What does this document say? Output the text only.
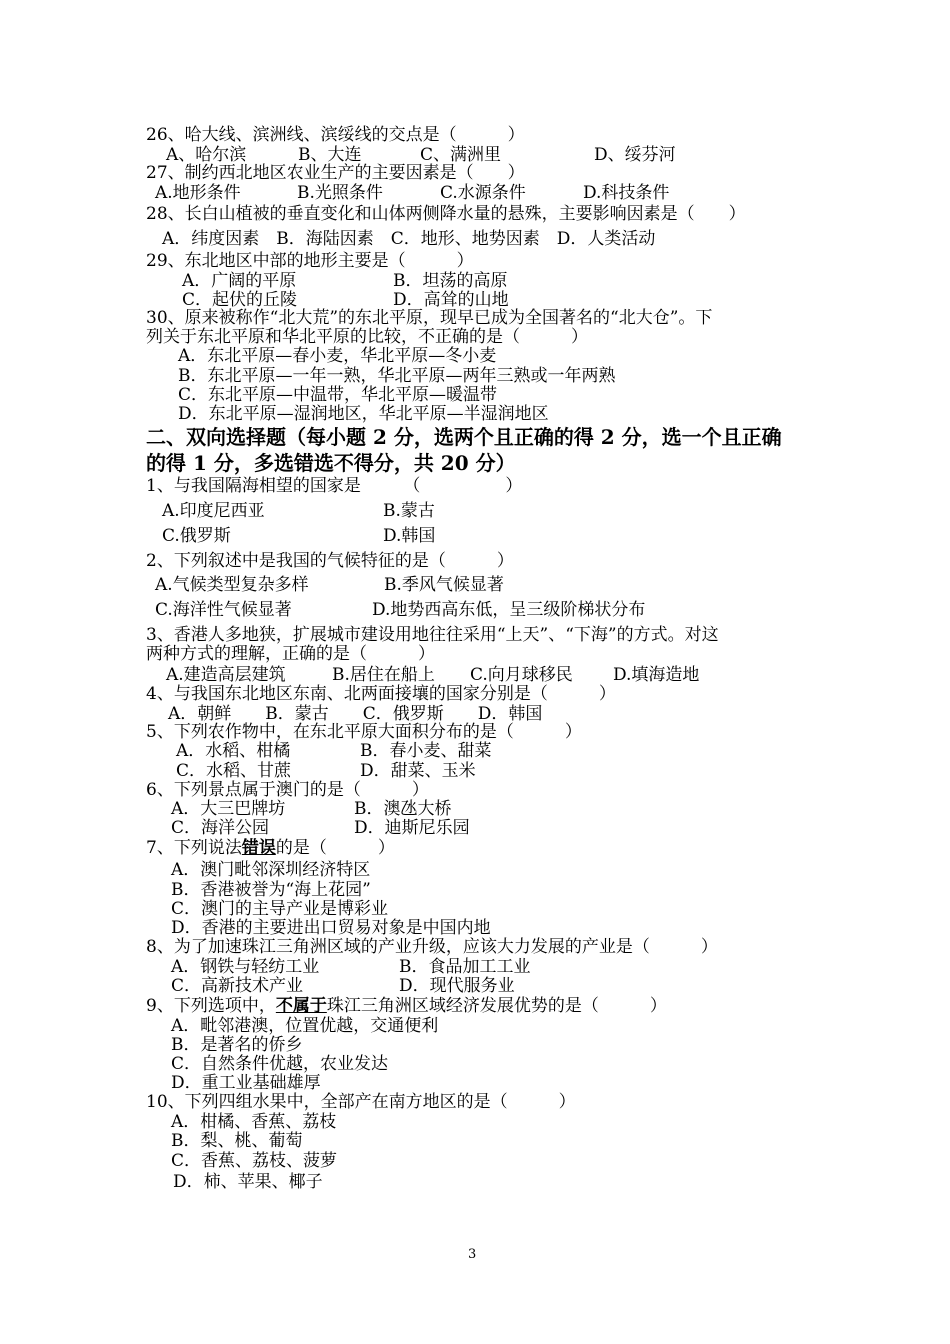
26、哈大线、滨洲线、滨绥线的交点是（　　　）
A、哈尔滨	B、大连	C、满洲里	D、绥芬河
27、制约西北地区农业生产的主要因素是（　　）
A.地形条件	B.光照条件	C.水源条件	D.科技条件
28、长白山植被的垂直变化和山体两侧降水量的悬殊，主要影响因素是（　　）
A．纬度因素　B．海陆因素　C．地形、地势因素　D．人类活动
29、东北地区中部的地形主要是（　　　）
A．广阔的平原	B．坦荡的高原
C．起伏的丘陵	D．高耸的山地
30、原来被称作“北大荒”的东北平原，现早已成为全国著名的“北大仓”。下
列关于东北平原和华北平原的比较，不正确的是（　　　）
A．东北平原—春小麦，华北平原—冬小麦
B．东北平原—一年一熟，华北平原—两年三熟或一年两熟
C．东北平原—中温带，华北平原—暖温带
D．东北平原—湿润地区，华北平原—半湿润地区
二、双向选择题（每小题 2 分，选两个且正确的得 2 分，选一个且正确
的得 1 分，多选错选不得分，共 20 分）
1、与我国隔海相望的国家是　　　（　　　　　）
A.印度尼西亚	B.蒙古
C.俄罗斯	D.韩国
2、下列叙述中是我国的气候特征的是（　　　）
A.气候类型复杂多样	B.季风气候显著
C.海洋性气候显著	D.地势西高东低，呈三级阶梯状分布
3、香港人多地狭，扩展城市建设用地往往采用“上天”、“下海”的方式。对这
两种方式的理解，正确的是（　　　）
A.建造高层建筑	B.居住在船上 C.向月球移民 D.填海造地
4、与我国东北地区东南、北两面接壤的国家分别是（　　　）
A．朝鲜　　B．蒙古　　C．俄罗斯　　D．韩国
5、下列农作物中，在东北平原大面积分布的是（　　　）
A．水稻、柑橘	B．春小麦、甜菜
C．水稻、甘蔗	D．甜菜、玉米
6、下列景点属于澳门的是（　　　）
A．大三巴牌坊	B．澳氹大桥
C．海洋公园	D．迪斯尼乐园
7、下列说法错误的是（　　　）
A．澳门毗邻深圳经济特区
B．香港被誉为“海上花园”
C．澳门的主导产业是博彩业
D．香港的主要进出口贸易对象是中国内地
8、为了加速珠江三角洲区域的产业升级，应该大力发展的产业是（　　　）
A．钢铁与轻纺工业	B．食品加工工业
C．高新技术产业	D．现代服务业
9、下列选项中，不属于珠江三角洲区域经济发展优势的是（　　　）
A．毗邻港澳，位置优越，交通便利
B．是著名的侨乡
C．自然条件优越，农业发达
D．重工业基础雄厚
10、下列四组水果中，全部产在南方地区的是（　　　）
A．柑橘、香蕉、荔枝
B．梨、桃、葡萄
C．香蕉、荔枝、菠萝
D．柿、苹果、椰子
3
